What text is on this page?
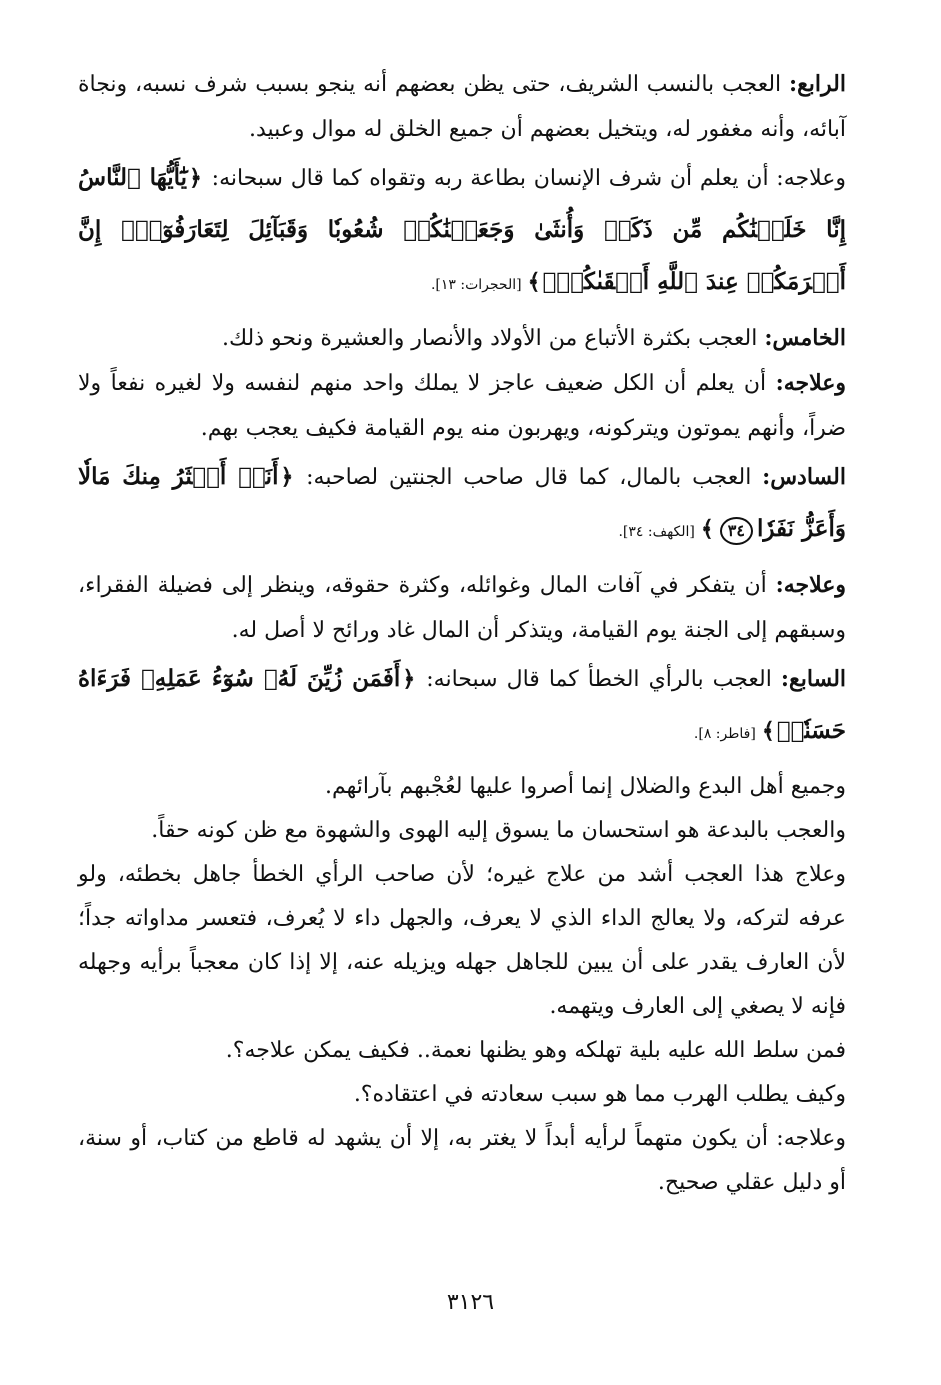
الرابع: العجب بالنسب الشريف، حتى يظن بعضهم أنه ينجو بسبب شرف نسبه، ونجاة آبائه، وأنه مغفور له، ويتخيل بعضهم أن جميع الخلق له موال وعبيد.

وعلاجه: أن يعلم أن شرف الإنسان بطاعة ربه وتقواه كما قال سبحانه: ﴿يَٰٓأَيُّهَا ٱلنَّاسُ إِنَّا خَلَقۡنَٰكُم مِّن ذَكَرٖ وَأُنثَىٰ وَجَعَلۡنَٰكُمۡ شُعُوبٗا وَقَبَآئِلَ لِتَعَارَفُوٓاْۚ إِنَّ أَكۡرَمَكُمۡ عِندَ ٱللَّهِ أَتۡقَىٰكُمۡۚ﴾[الحجرات: ١٣].

الخامس: العجب بكثرة الأتباع من الأولاد والأنصار والعشيرة ونحو ذلك.

وعلاجه: أن يعلم أن الكل ضعيف عاجز لا يملك واحد منهم لنفسه ولا لغيره نفعاً ولا ضراً، وأنهم يموتون ويتركونه، ويهربون منه يوم القيامة فكيف يعجب بهم.

السادس: العجب بالمال، كما قال صاحب الجنتين لصاحبه: ﴿أَنَا۠ أَكۡثَرُ مِنكَ مَالٗا وَأَعَزُّ نَفَرٗا٣٤﴾[الكهف: ٣٤].

وعلاجه: أن يتفكر في آفات المال وغوائله، وكثرة حقوقه، وينظر إلى فضيلة الفقراء، وسبقهم إلى الجنة يوم القيامة، ويتذكر أن المال غاد ورائح لا أصل له.

السابع: العجب بالرأي الخطأ كما قال سبحانه: ﴿أَفَمَن زُيِّنَ لَهُۥ سُوٓءُ عَمَلِهِۦ فَرَءَاهُ حَسَنٗاۖ﴾[فاطر: ٨].

وجميع أهل البدع والضلال إنما أصروا عليها لعُجْبهم بآرائهم.

والعجب بالبدعة هو استحسان ما يسوق إليه الهوى والشهوة مع ظن كونه حقاً.

وعلاج هذا العجب أشد من علاج غيره؛ لأن صاحب الرأي الخطأ جاهل بخطئه، ولو عرفه لتركه، ولا يعالج الداء الذي لا يعرف، والجهل داء لا يُعرف، فتعسر مداواته جداً؛ لأن العارف يقدر على أن يبين للجاهل جهله ويزيله عنه، إلا إذا كان معجباً برأيه وجهله فإنه لا يصغي إلى العارف ويتهمه.

فمن سلط الله عليه بلية تهلكه وهو يظنها نعمة.. فكيف يمكن علاجه؟.

وكيف يطلب الهرب مما هو سبب سعادته في اعتقاده؟.

وعلاجه: أن يكون متهماً لرأيه أبداً لا يغتر به، إلا أن يشهد له قاطع من كتاب، أو سنة، أو دليل عقلي صحيح.

٣١٢٦
